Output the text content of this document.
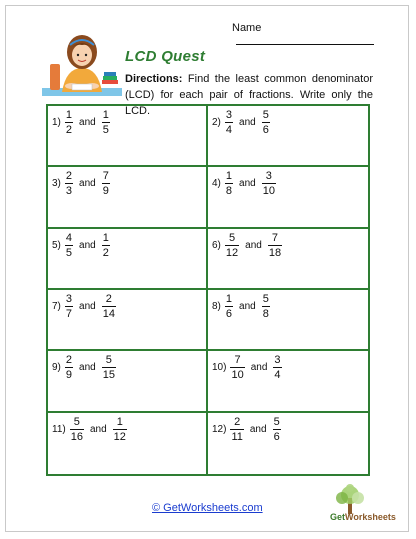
Name
LCD Quest
Directions: Find the least common denominator (LCD) for each pair of fractions. Write only the LCD.
$1) \frac{1}{2}$ and $\frac{1}{5}$	$2) \frac{3}{4}$ and $\frac{5}{6}$
$3) \frac{2}{3}$ and $\frac{7}{9}$	$4) \frac{1}{8}$ and $\frac{3}{10}$
$5) \frac{4}{5}$ and $\frac{1}{2}$	$6) \frac{5}{12}$ and $\frac{7}{18}$
$7) \frac{3}{7}$ and $\frac{2}{14}$	$8) \frac{1}{6}$ and $\frac{5}{8}$
$9) \frac{2}{9}$ and $\frac{5}{15}$	$10) \frac{7}{10}$ and $\frac{3}{4}$
$11) \frac{5}{16}$ and $\frac{1}{12}$	$12) \frac{2}{11}$ and $\frac{5}{6}$
© GetWorksheets.com
GetWorksheets
